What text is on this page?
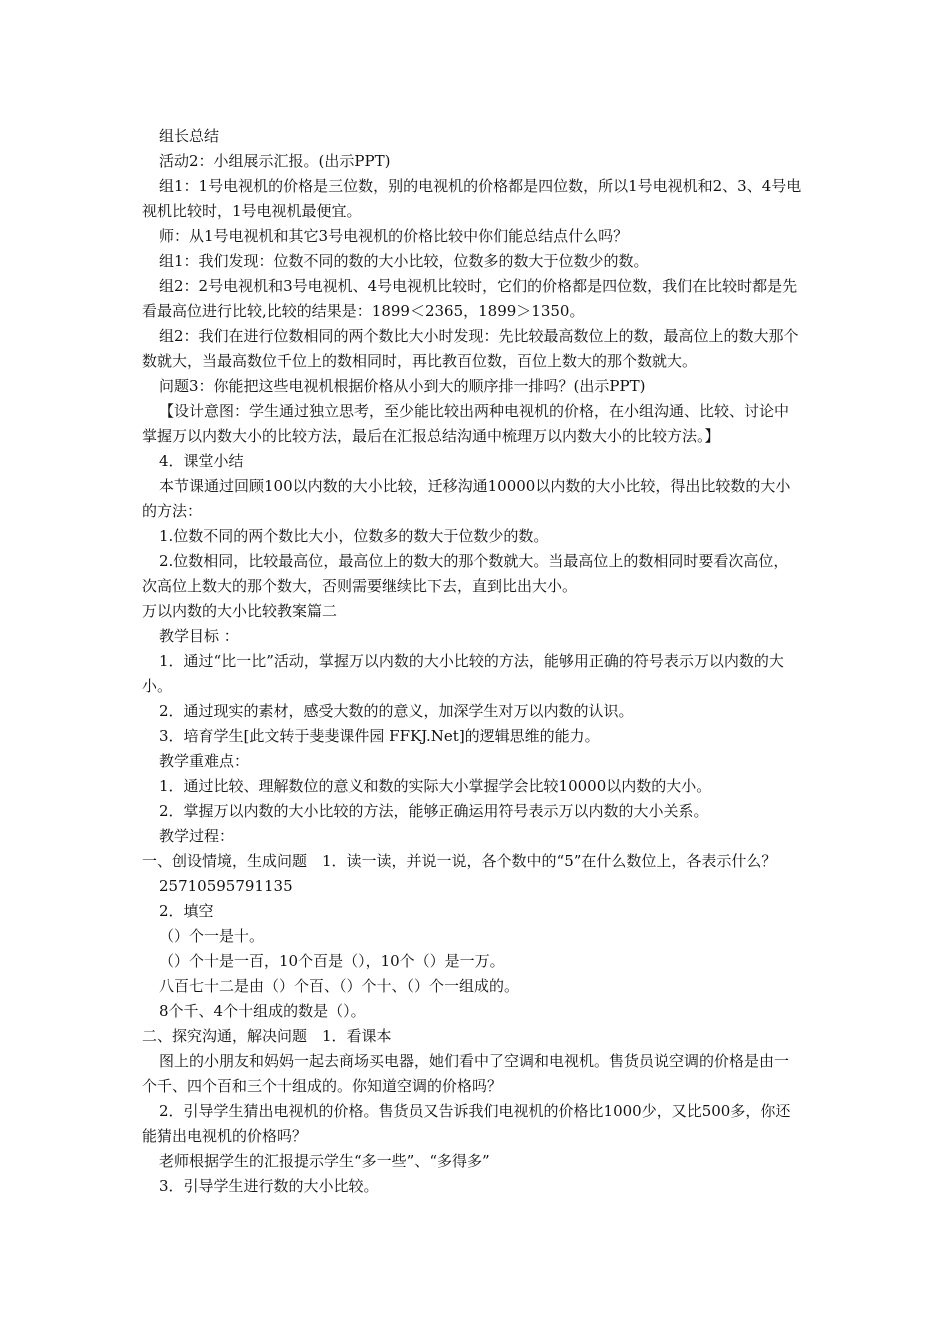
组长总结

活动2：小组展示汇报。(出示PPT)

组1：1号电视机的价格是三位数，别的电视机的价格都是四位数，所以1号电视机和2、3、4号电视机比较时，1号电视机最便宜。

师：从1号电视机和其它3号电视机的价格比较中你们能总结点什么吗？

组1：我们发现：位数不同的数的大小比较，位数多的数大于位数少的数。

组2：2号电视机和3号电视机、4号电视机比较时，它们的价格都是四位数，我们在比较时都是先看最高位进行比较,比较的结果是：1899＜2365，1899＞1350。

组2：我们在进行位数相同的两个数比大小时发现：先比较最高数位上的数，最高位上的数大那个数就大，当最高数位千位上的数相同时，再比教百位数，百位上数大的那个数就大。

问题3：你能把这些电视机根据价格从小到大的顺序排一排吗？(出示PPT)

【设计意图：学生通过独立思考，至少能比较出两种电视机的价格，在小组沟通、比较、讨论中掌握万以内数大小的比较方法，最后在汇报总结沟通中梳理万以内数大小的比较方法。】

4．课堂小结

本节课通过回顾100以内数的大小比较，迁移沟通10000以内数的大小比较，得出比较数的大小的方法：

1.位数不同的两个数比大小，位数多的数大于位数少的数。

2.位数相同，比较最高位，最高位上的数大的那个数就大。当最高位上的数相同时要看次高位，次高位上数大的那个数大，否则需要继续比下去，直到比出大小。

万以内数的大小比较教案篇二

教学目标 ：

1．通过“比一比”活动，掌握万以内数的大小比较的方法，能够用正确的符号表示万以内数的大小。

2．通过现实的素材，感受大数的的意义，加深学生对万以内数的认识。

3．培育学生[此文转于斐斐课件园 FFKJ.Net]的逻辑思维的能力。

教学重难点：

1．通过比较、理解数位的意义和数的实际大小掌握学会比较10000以内数的大小。

2．掌握万以内数的大小比较的方法，能够正确运用符号表示万以内数的大小关系。

教学过程：

一、创设情境，生成问题　1．读一读，并说一说，各个数中的“5”在什么数位上，各表示什么？

25710595791135

2．填空

（）个一是十。

（）个十是一百，10个百是（），10个（）是一万。

八百七十二是由（）个百、（）个十、（）个一组成的。

8个千、4个十组成的数是（）。

二、探究沟通，解决问题　1．看课本

图上的小朋友和妈妈一起去商场买电器，她们看中了空调和电视机。售货员说空调的价格是由一个千、四个百和三个十组成的。你知道空调的价格吗？

2．引导学生猜出电视机的价格。售货员又告诉我们电视机的价格比1000少，又比500多，你还能猜出电视机的价格吗？

老师根据学生的汇报提示学生“多一些”、“多得多”

3．引导学生进行数的大小比较。
